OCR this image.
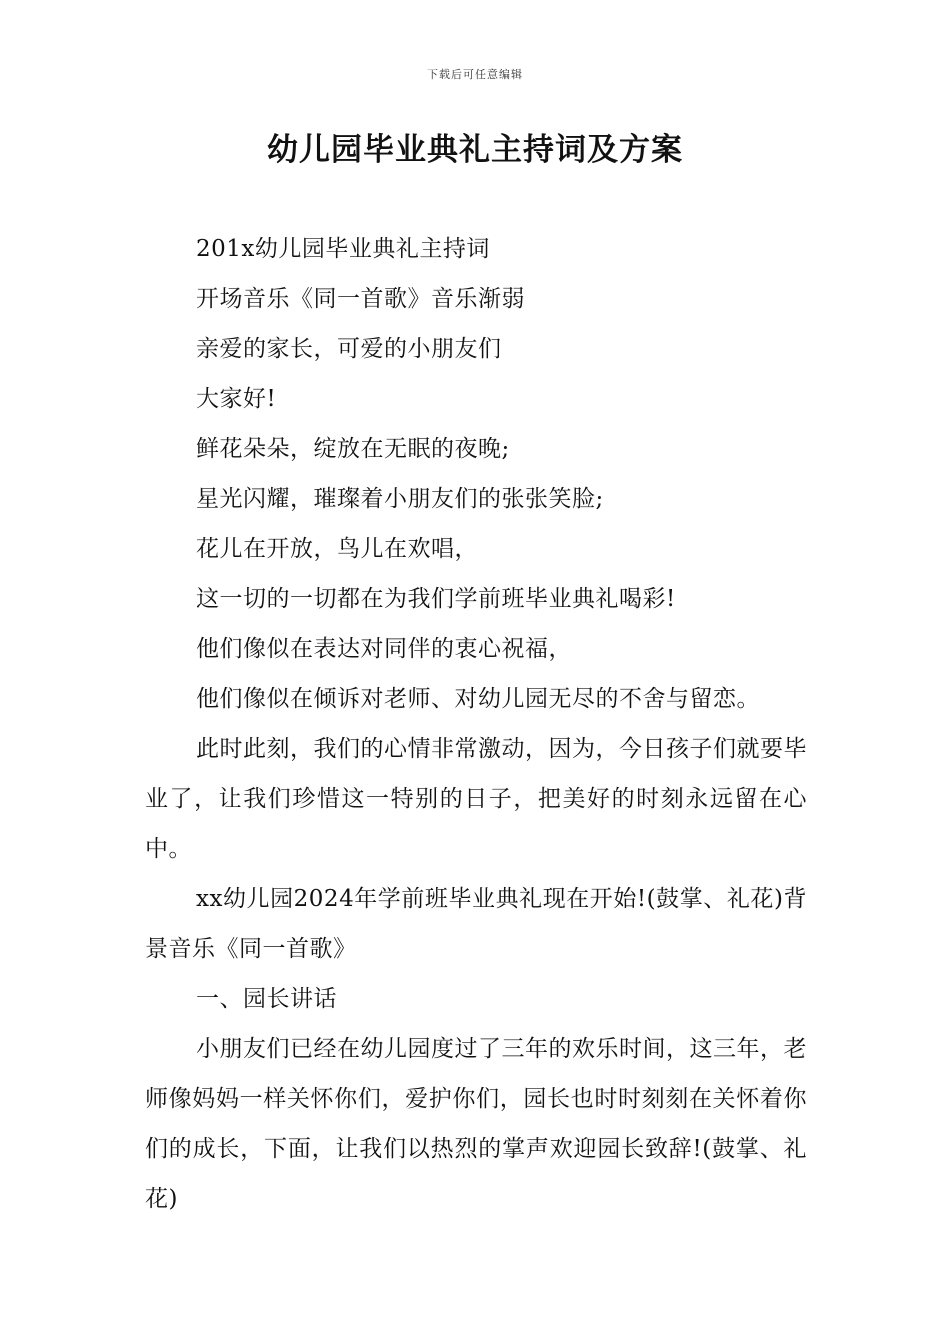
下载后可任意编辑
幼儿园毕业典礼主持词及方案

201x幼儿园毕业典礼主持词

开场音乐《同一首歌》音乐渐弱

亲爱的家长，可爱的小朋友们

大家好!

鲜花朵朵，绽放在无眠的夜晚;

星光闪耀，璀璨着小朋友们的张张笑脸;

花儿在开放，鸟儿在欢唱，

这一切的一切都在为我们学前班毕业典礼喝彩!

他们像似在表达对同伴的衷心祝福，

他们像似在倾诉对老师、对幼儿园无尽的不舍与留恋。

此时此刻，我们的心情非常激动，因为，今日孩子们就要毕业了，让我们珍惜这一特别的日子，把美好的时刻永远留在心中。

xx幼儿园2024年学前班毕业典礼现在开始!(鼓掌、礼花)背景音乐《同一首歌》

一、园长讲话

小朋友们已经在幼儿园度过了三年的欢乐时间，这三年，老师像妈妈一样关怀你们，爱护你们，园长也时时刻刻在关怀着你们的成长，下面，让我们以热烈的掌声欢迎园长致辞!(鼓掌、礼花)
